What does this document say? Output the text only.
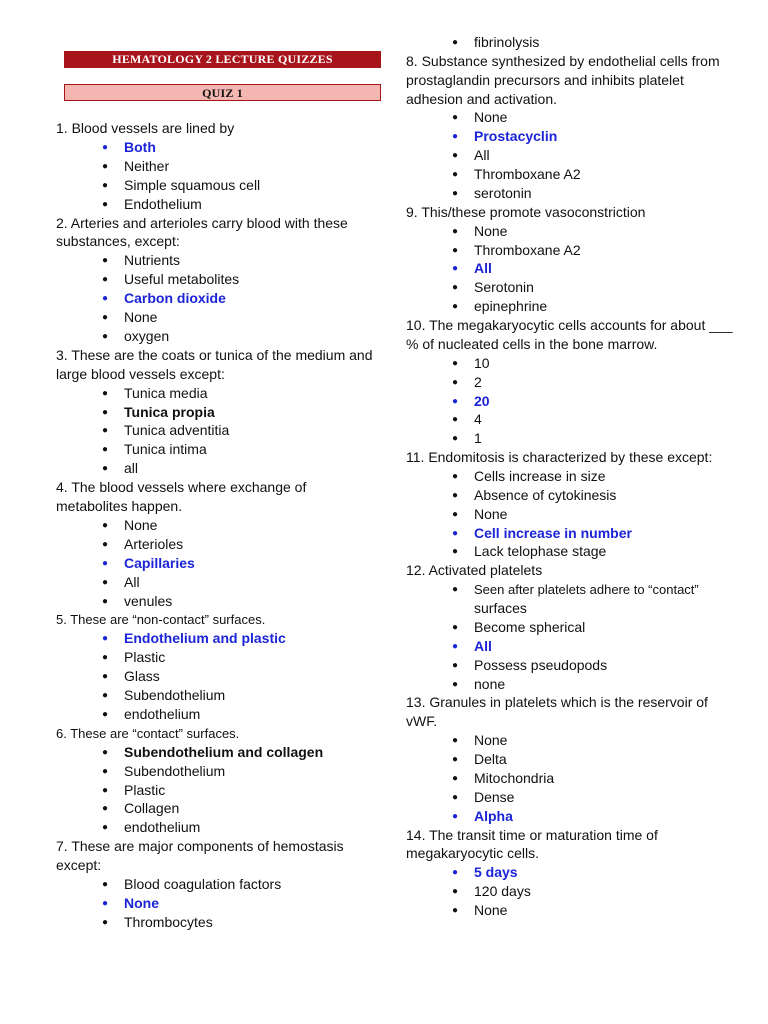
HEMATOLOGY 2 LECTURE QUIZZES
QUIZ 1
1. Blood vessels are lined by
● Both
● Neither
● Simple squamous cell
● Endothelium
2. Arteries and arterioles carry blood with these
substances, except:
● Nutrients
● Useful metabolites
● Carbon dioxide
● None
● oxygen
3. These are the coats or tunica of the medium and
large blood vessels except:
● Tunica media
● Tunica propia
● Tunica adventitia
● Tunica intima
● all
4. The blood vessels where exchange of
metabolites happen.
● None
● Arterioles
● Capillaries
● All
● venules
5. These are “non-contact” surfaces.
● Endothelium and plastic
● Plastic
● Glass
● Subendothelium
● endothelium
6. These are “contact” surfaces.
● Subendothelium and collagen
● Subendothelium
● Plastic
● Collagen
● endothelium
7. These are major components of hemostasis
except:
● Blood coagulation factors
● None
● Thrombocytes
● fibrinolysis
8. Substance synthesized by endothelial cells from
prostaglandin precursors and inhibits platelet
adhesion and activation.
● None
● Prostacyclin
● All
● Thromboxane A2
● serotonin
9. This/these promote vasoconstriction
● None
● Thromboxane A2
● All
● Serotonin
● epinephrine
10. The megakaryocytic cells accounts for about ___
% of nucleated cells in the bone marrow.
● 10
● 2
● 20
● 4
● 1
11. Endomitosis is characterized by these except:
● Cells increase in size
● Absence of cytokinesis
● None
● Cell increase in number
● Lack telophase stage
12. Activated platelets
● Seen after platelets adhere to “contact”
surfaces
● Become spherical
● All
● Possess pseudopods
● none
13. Granules in platelets which is the reservoir of
vWF.
● None
● Delta
● Mitochondria
● Dense
● Alpha
14. The transit time or maturation time of
megakaryocytic cells.
● 5 days
● 120 days
● None
